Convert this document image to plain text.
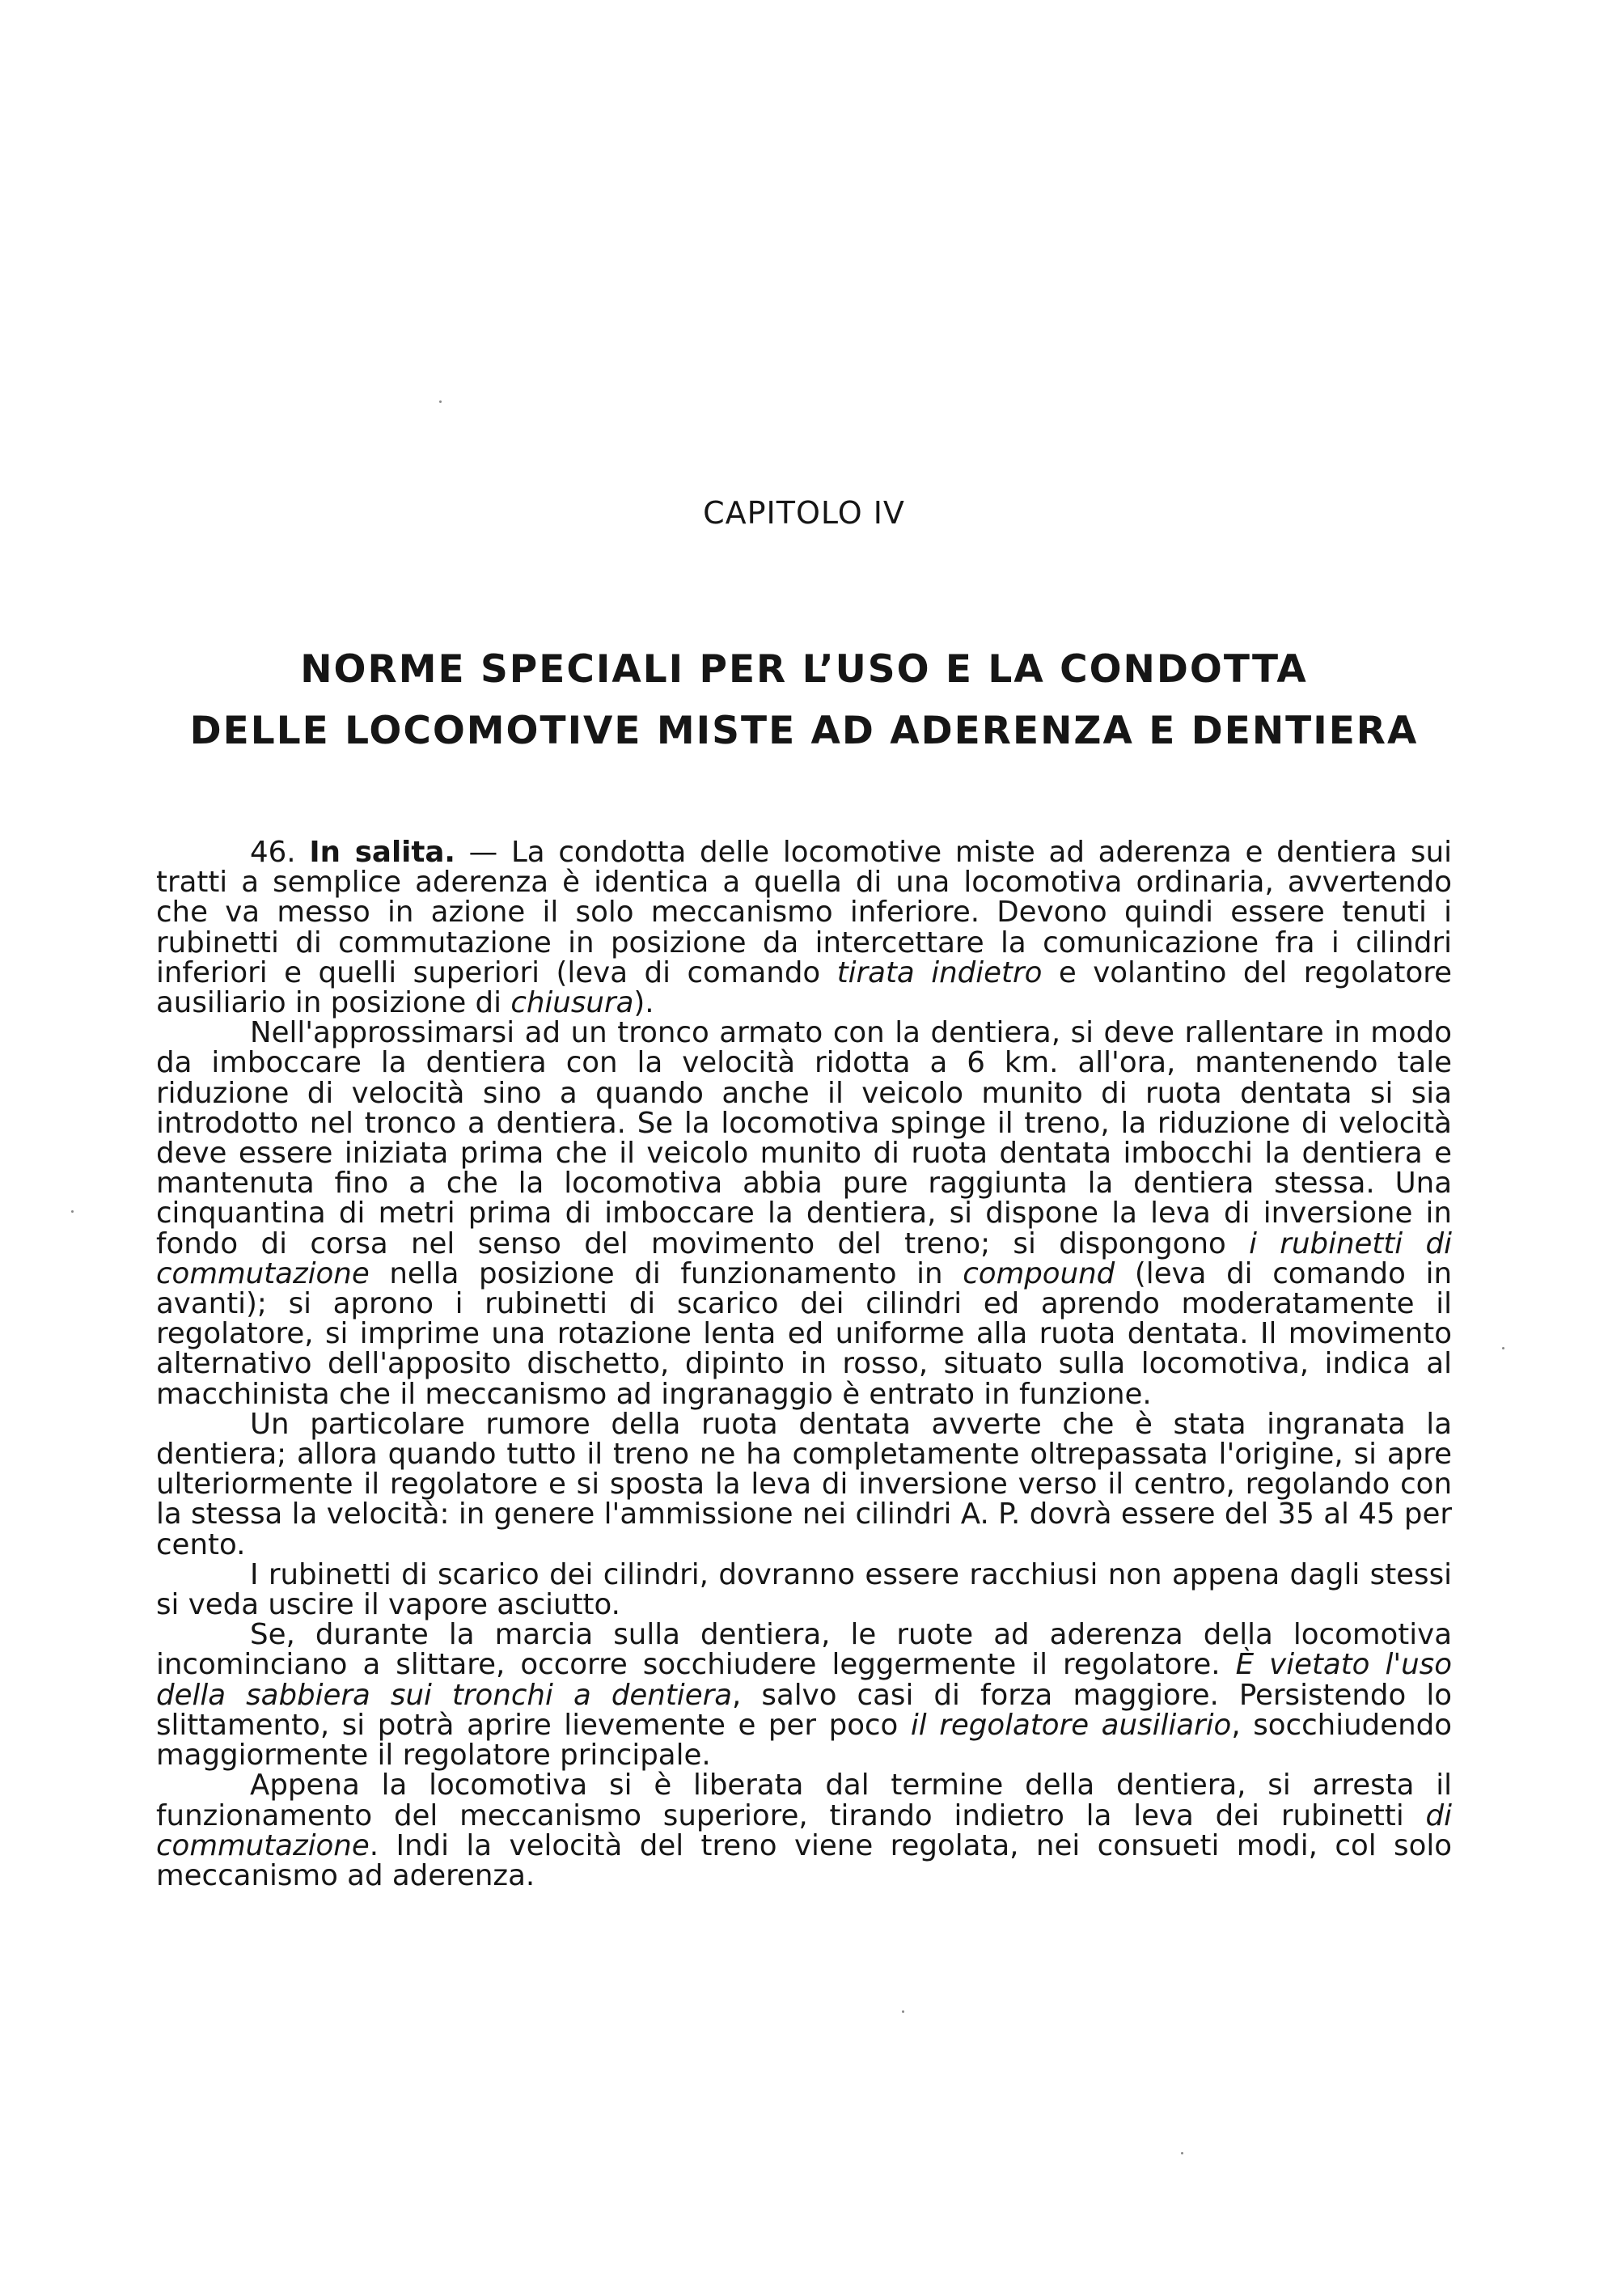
CAPITOLO IV
NORME SPECIALI PER L’USO E LA CONDOTTA
DELLE LOCOMOTIVE MISTE AD ADERENZA E DENTIERA

46. In salita. — La condotta delle locomotive miste ad aderenza e dentiera sui tratti a semplice aderenza è identica a quella di una locomotiva ordinaria, avvertendo che va messo in azione il solo meccanismo inferiore. Devono quindi essere tenuti i rubinetti di commutazione in posizione da intercettare la comunicazione fra i cilindri inferiori e quelli superiori (leva di comando tirata indietro e volantino del regolatore ausiliario in posizione di chiusura).

Nell'approssimarsi ad un tronco armato con la dentiera, si deve rallentare in modo da imboccare la dentiera con la velocità ridotta a 6 km. all'ora, mantenendo tale riduzione di velocità sino a quando anche il veicolo munito di ruota dentata si sia introdotto nel tronco a dentiera. Se la locomotiva spinge il treno, la riduzione di velocità deve essere iniziata prima che il veicolo munito di ruota dentata imbocchi la dentiera e mantenuta fino a che la locomotiva abbia pure raggiunta la dentiera stessa. Una cinquantina di metri prima di imboccare la dentiera, si dispone la leva di inversione in fondo di corsa nel senso del movimento del treno; si dispongono i rubinetti di commutazione nella posizione di funzionamento in compound (leva di comando in avanti); si aprono i rubinetti di scarico dei cilindri ed aprendo moderatamente il regolatore, si imprime una rotazione lenta ed uniforme alla ruota dentata. Il movimento alternativo dell'apposito dischetto, dipinto in rosso, situato sulla locomotiva, indica al macchinista che il meccanismo ad ingranaggio è entrato in funzione.

Un particolare rumore della ruota dentata avverte che è stata ingranata la dentiera; allora quando tutto il treno ne ha completamente oltrepassata l'origine, si apre ulteriormente il regolatore e si sposta la leva di inversione verso il centro, regolando con la stessa la velocità: in genere l'ammissione nei cilindri A. P. dovrà essere del 35 al 45 per cento.

I rubinetti di scarico dei cilindri, dovranno essere racchiusi non appena dagli stessi si veda uscire il vapore asciutto.

Se, durante la marcia sulla dentiera, le ruote ad aderenza della locomotiva incominciano a slittare, occorre socchiudere leggermente il regolatore. È vietato l'uso della sabbiera sui tronchi a dentiera, salvo casi di forza maggiore. Persistendo lo slittamento, si potrà aprire lievemente e per poco il regolatore ausiliario, socchiudendo maggiormente il regolatore principale.

Appena la locomotiva si è liberata dal termine della dentiera, si arresta il funzionamento del meccanismo superiore, tirando indietro la leva dei rubinetti di commutazione. Indi la velocità del treno viene regolata, nei consueti modi, col solo meccanismo ad aderenza.
